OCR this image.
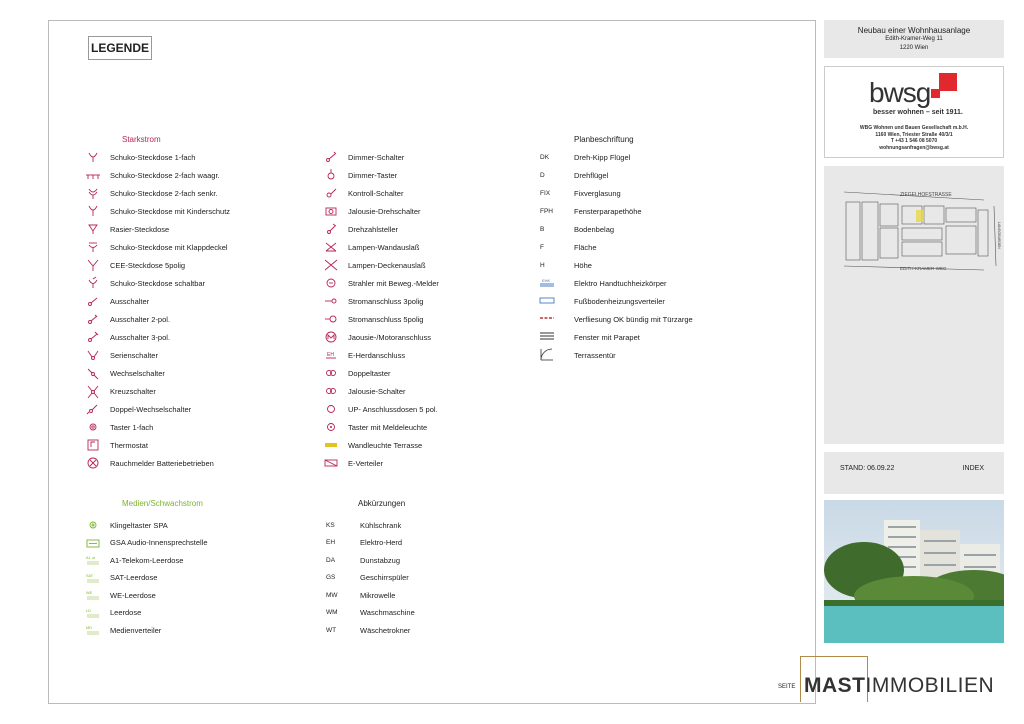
LEGENDE
Starkstrom	Planbeschriftung
Medien/Schwachstrom	Abkürzungen
Schuko-Steckdose 1-fach
Schuko-Steckdose 2-fach waagr.
Schuko-Steckdose 2-fach senkr.
Schuko-Steckdose mit Kinderschutz
Rasier-Steckdose
Schuko-Steckdose mit Klappdeckel
CEE-Steckdose 5polig
Schuko-Steckdose schaltbar
Ausschalter
Ausschalter 2-pol.
Ausschalter 3-pol.
Serienschalter
Wechselschalter
Kreuzschalter
Doppel-Wechselschalter
Taster 1-fach
Thermostat
Rauchmelder Batteriebetrieben
Dimmer-Schalter
Dimmer-Taster
Kontroll-Schalter
Jalousie-Drehschalter
Drehzahlsteller
Lampen-Wandauslaß
Lampen-Deckenauslaß
Strahler mit Beweg.-Melder
Stromanschluss 3polig
Stromanschluss 5polig
Jaousie-/Motoranschluss
EH E-Herdanschluss
Doppeltaster
Jalousie-Schalter
UP- Anschlussdosen 5 pol.
Taster mit Meldeleuchte
Wandleuchte Terrasse
E-Verteiler
DK	Dreh-Kipp Flügel
D	Drehflügel
FIX	Fixverglasung
FPH	Fensterparapethöhe
B	Bodenbelag
F	Fläche
H	Höhe
EHK	Elektro Handtuchheizkörper
Fußbodenheizungsverteiler
Verfliesung OK bündig mit Türzarge
Fenster mit Parapet
Terrassentür
Klingeltaster SPA
GSA Audio-Innensprechstelle
A1 nt A1-Telekom-Leerdose
SAT SAT-Leerdose
WE WE-Leerdose
LD	Leerdose
MD Medienverteiler
KS	Kühlschrank
EH	Elektro-Herd
DA	Dunstabzug
GS	Geschirrspüler
MW	Mikrowelle
WM	Waschmaschine
WT	Wäschetrokner
Neubau einer Wohnhausanlage
Edith-Kramer-Weg 11
1220 Wien
bwsg
besser wohnen – seit 1911.
WBG Wohnen und Bauen Gesellschaft m.b.H.
1160 Wien, Triester Straße 40/3/1
T +43 1 546 08 5070
wohnungsanfragen@bwsg.at
ZIEGELHOFSTRASSE
EDITH-KRAMER-WEG
LANGOBARDEN
STAND: 06.09.22	INDEX
SEITE MASTIMMOBILIEN
